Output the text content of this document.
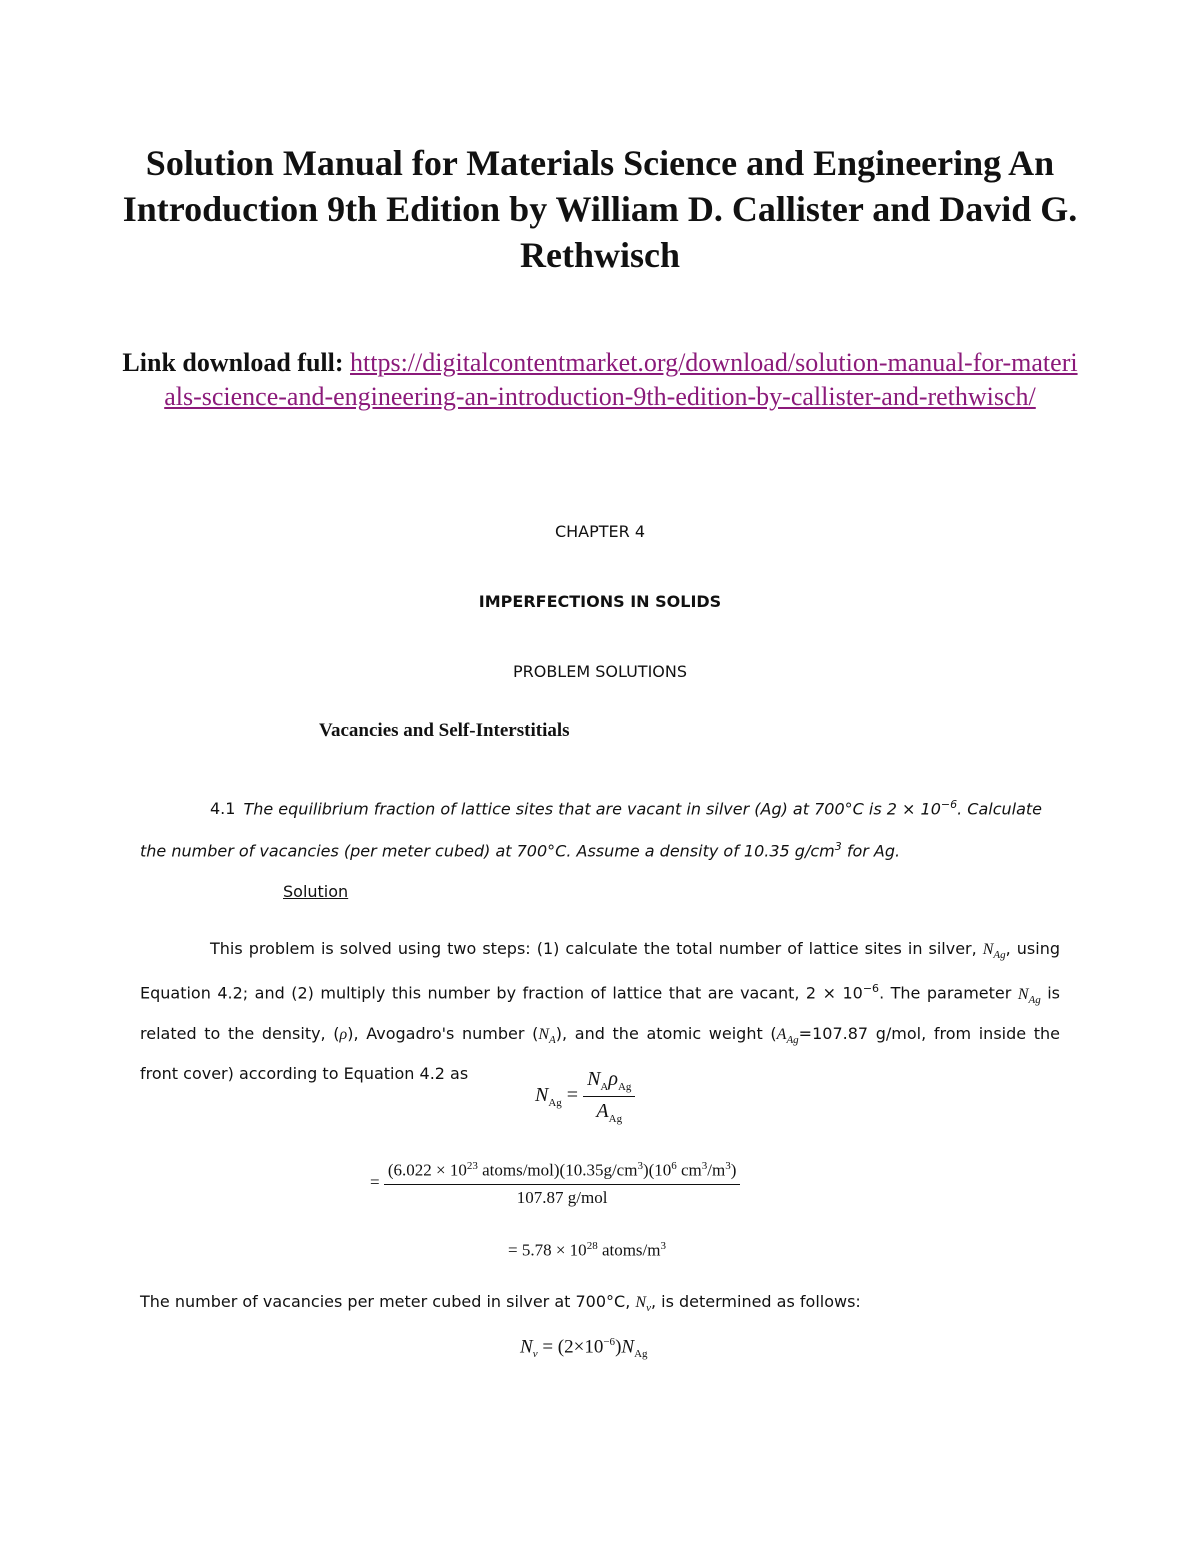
Solution Manual for Materials Science and Engineering An Introduction 9th Edition by William D. Callister and David G. Rethwisch
Link download full: https://digitalcontentmarket.org/download/solution-manual-for-materials-science-and-engineering-an-introduction-9th-edition-by-callister-and-rethwisch/
CHAPTER 4
IMPERFECTIONS IN SOLIDS
PROBLEM SOLUTIONS
Vacancies and Self-Interstitials
4.1 The equilibrium fraction of lattice sites that are vacant in silver (Ag) at 700°C is $2 \times 10^{-6}$. Calculate the number of vacancies (per meter cubed) at 700°C. Assume a density of 10.35 $g/cm^3$ for Ag.
Solution
This problem is solved using two steps: (1) calculate the total number of lattice sites in silver, $N_{Ag}$, using Equation 4.2; and (2) multiply this number by fraction of lattice that are vacant, $2 \times 10^{-6}$. The parameter $N_{Ag}$ is related to the density, (ρ), Avogadro's number $(N_A)$, and the atomic weight ($A_{Ag}=107.87$ g/mol, from inside the front cover) according to Equation 4.2 as
$N_{Ag} = \frac{N_A\rho_{Ag}}{A_{Ag}}$
= $\frac{(6.022 \times 10^{23} atoms/mol)(10.35g/cm^3)(10^6 cm^3/m^3)}{\text{107.87 g/mol}}$
= $5.78 \times 10^{28}$ atoms/$m^3$
The number of vacancies per meter cubed in silver at 700°C, $N_\nu$, is determined as follows:
$N_\nu = (2\times 10^{-6})N_{Ag}$
